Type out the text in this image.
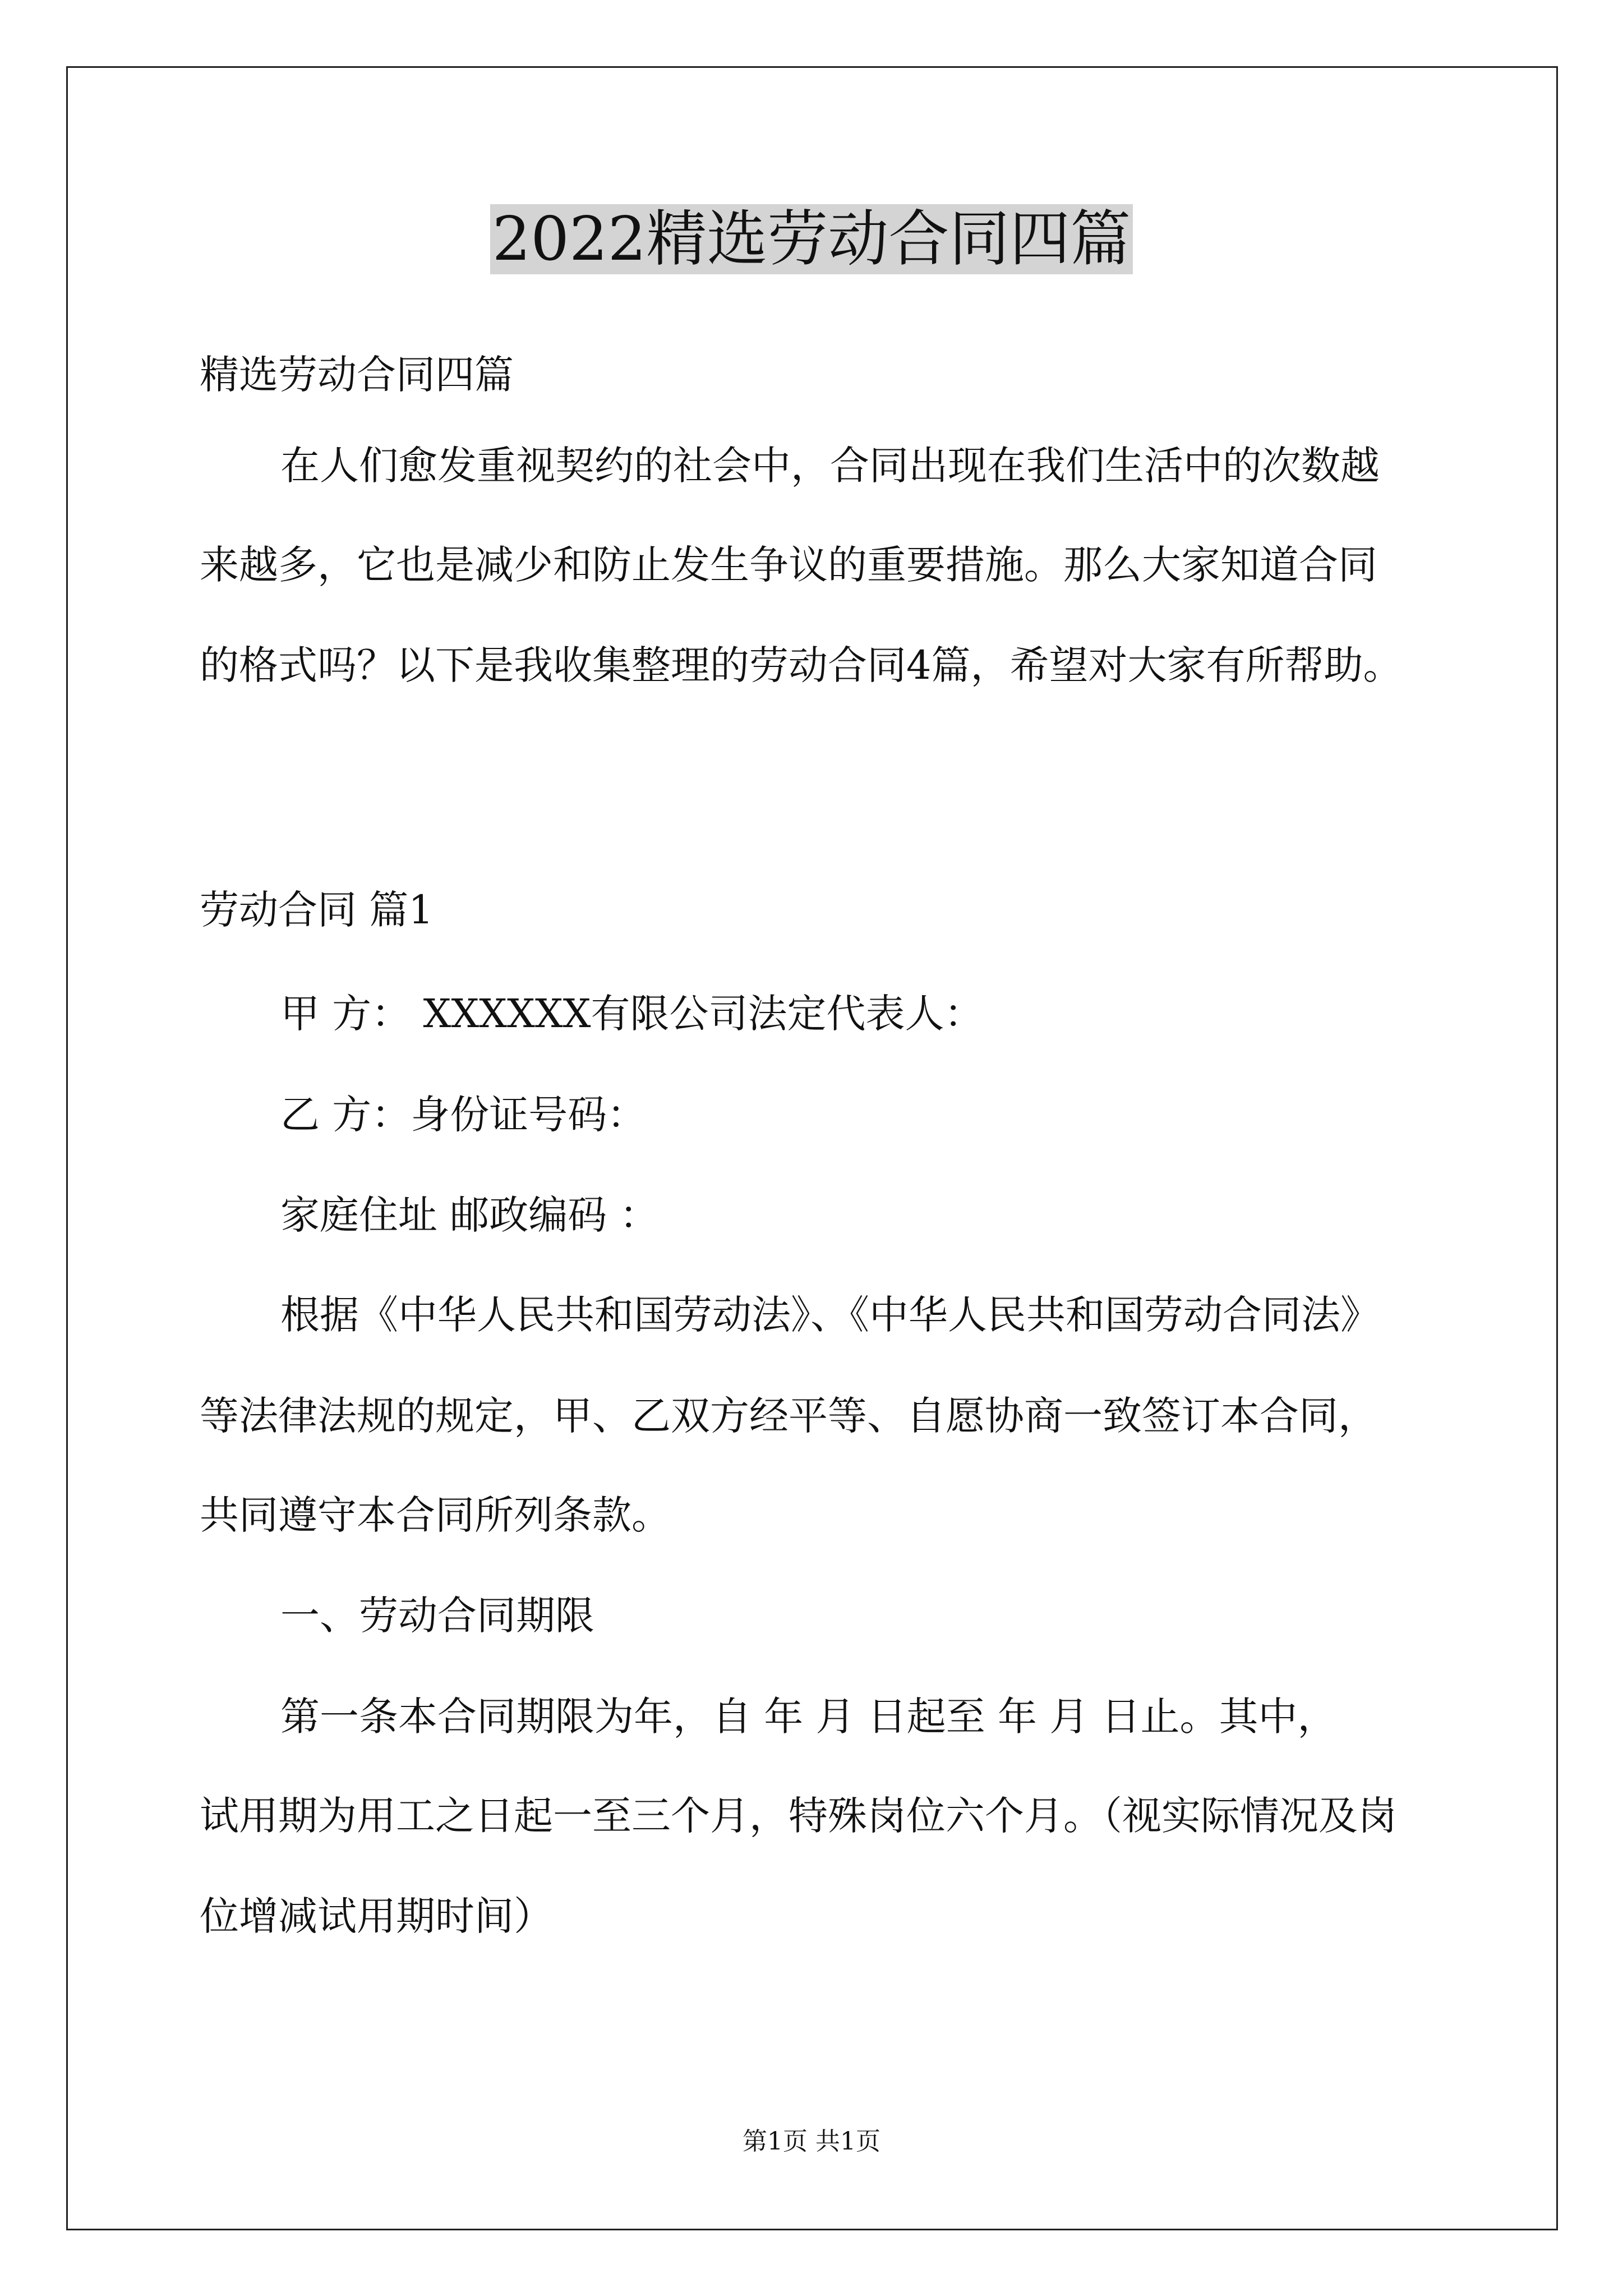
2022精选劳动合同四篇
精选劳动合同四篇
在人们愈发重视契约的社会中，合同出现在我们生活中的次数越
来越多，它也是减少和防止发生争议的重要措施。那么大家知道合同
的格式吗？以下是我收集整理的劳动合同4篇，希望对大家有所帮助。
劳动合同 篇1
甲 方： XXXXXX有限公司法定代表人：
乙 方：身份证号码：
家庭住址 邮政编码 ：
根据《中华人民共和国劳动法》、《中华人民共和国劳动合同法》
等法律法规的规定，甲、乙双方经平等、自愿协商一致签订本合同，
共同遵守本合同所列条款。
一、劳动合同期限
第一条本合同期限为年，自 年 月 日起至 年 月 日止。其中，
试用期为用工之日起一至三个月，特殊岗位六个月。（视实际情况及岗
位增减试用期时间）
第1页 共1页
